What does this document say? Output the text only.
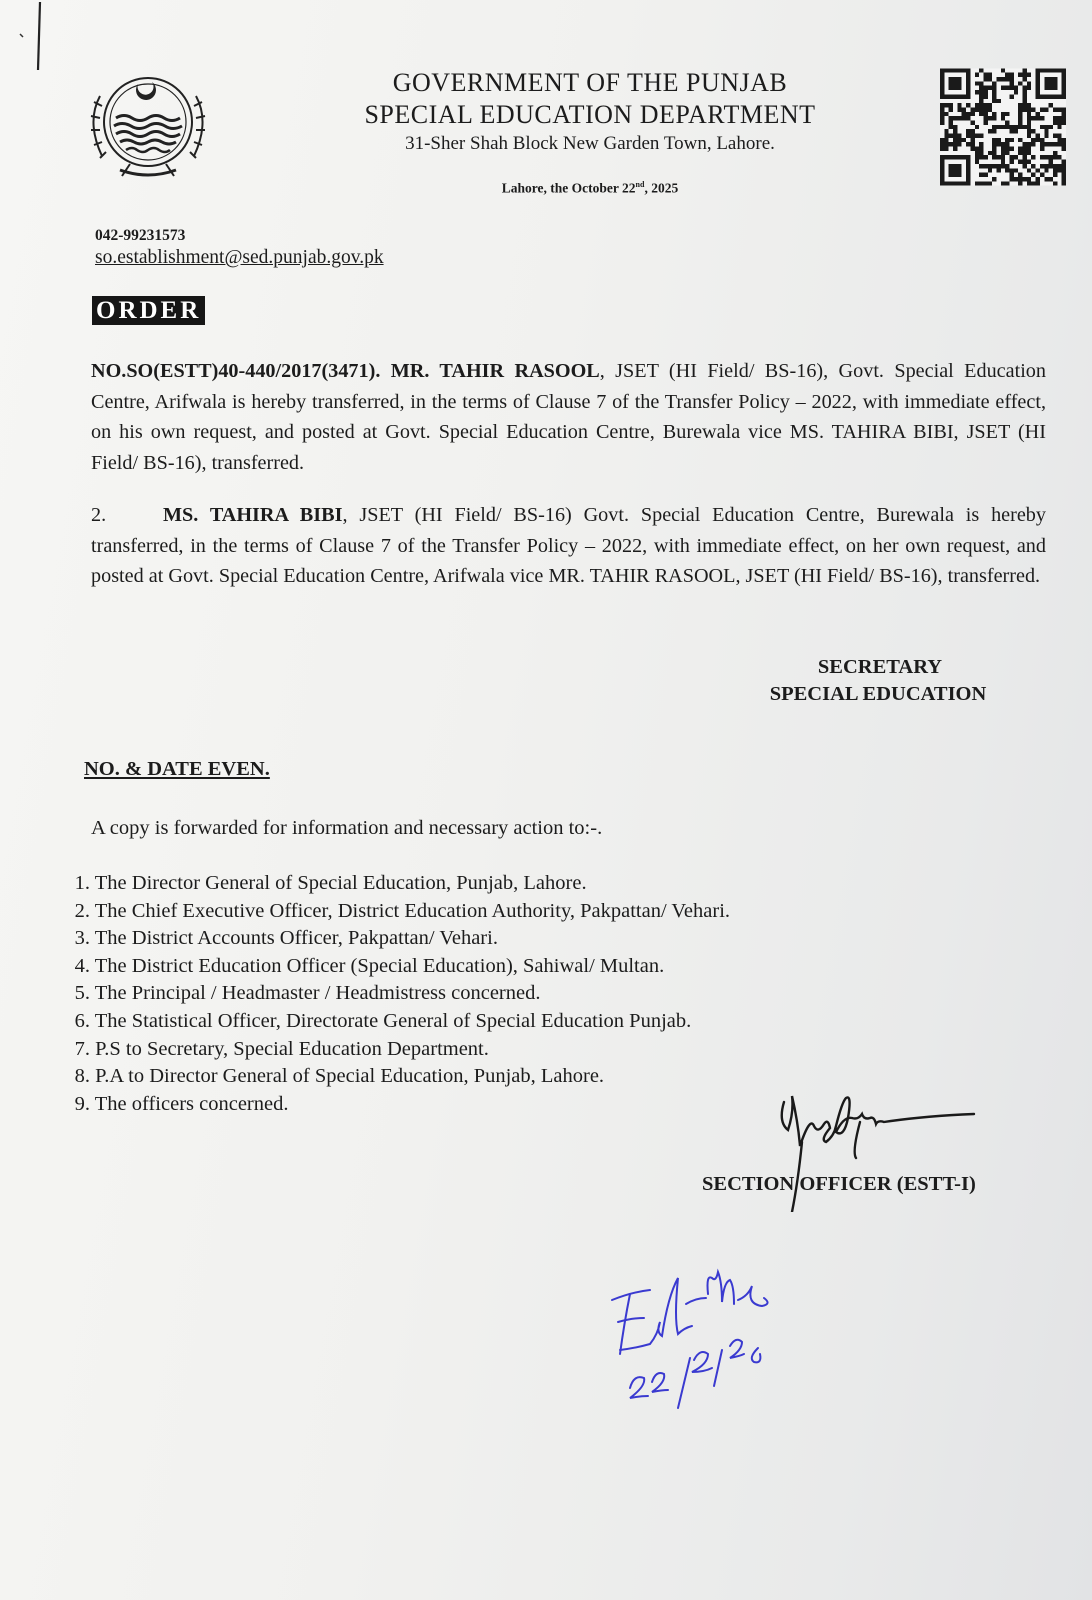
GOVERNMENT OF THE PUNJAB
SPECIAL EDUCATION DEPARTMENT
31-Sher Shah Block New Garden Town, Lahore.
Lahore, the October 22nd, 2025
042-99231573
so.establishment@sed.punjab.gov.pk
ORDER
NO.SO(ESTT)40-440/2017(3471). MR. TAHIR RASOOL, JSET (HI Field/ BS-16), Govt. Special Education Centre, Arifwala is hereby transferred, in the terms of Clause 7 of the Transfer Policy – 2022, with immediate effect, on his own request, and posted at Govt. Special Education Centre, Burewala vice MS. TAHIRA BIBI, JSET (HI Field/ BS-16), transferred.
2.	MS. TAHIRA BIBI, JSET (HI Field/ BS-16) Govt. Special Education Centre, Burewala is hereby transferred, in the terms of Clause 7 of the Transfer Policy – 2022, with immediate effect, on her own request, and posted at Govt. Special Education Centre, Arifwala vice MR. TAHIR RASOOL, JSET (HI Field/ BS-16), transferred.
SECRETARY
SPECIAL EDUCATION
NO. & DATE EVEN.
A copy is forwarded for information and necessary action to:-.
1. The Director General of Special Education, Punjab, Lahore.
2. The Chief Executive Officer, District Education Authority, Pakpattan/ Vehari.
3. The District Accounts Officer, Pakpattan/ Vehari.
4. The District Education Officer (Special Education), Sahiwal/ Multan.
5. The Principal / Headmaster / Headmistress concerned.
6. The Statistical Officer, Directorate General of Special Education Punjab.
7. P.S to Secretary, Special Education Department.
8. P.A to Director General of Special Education, Punjab, Lahore.
9. The officers concerned.
SECTION OFFICER (ESTT-I)
